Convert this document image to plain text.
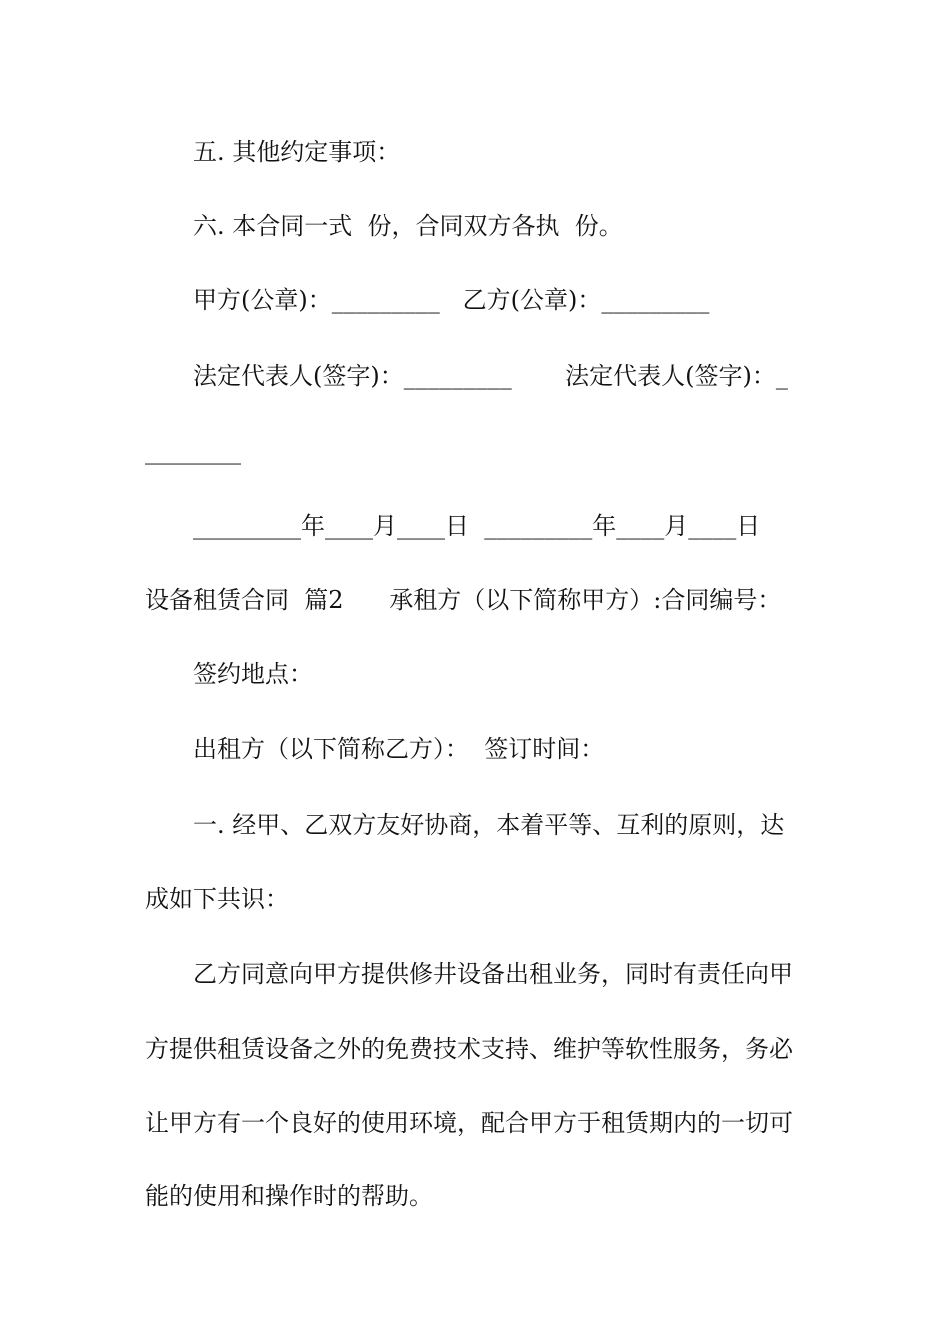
五. 其他约定事项：
六. 本合同一式  份，合同双方各执  份。
甲方(公章)：_________   乙方(公章)：_________
法定代表人(签字)：_________       法定代表人(签字)：_
________
_________年____月____日  _________年____月____日
设备租赁合同  篇2      承租方（以下简称甲方）:合同编号：
签约地点：
出租方（以下简称乙方）：  签订时间：
一. 经甲、乙双方友好协商，本着平等、互利的原则，达
成如下共识：
乙方同意向甲方提供修井设备出租业务，同时有责任向甲
方提供租赁设备之外的免费技术支持、维护等软性服务，务必
让甲方有一个良好的使用环境，配合甲方于租赁期内的一切可
能的使用和操作时的帮助。
